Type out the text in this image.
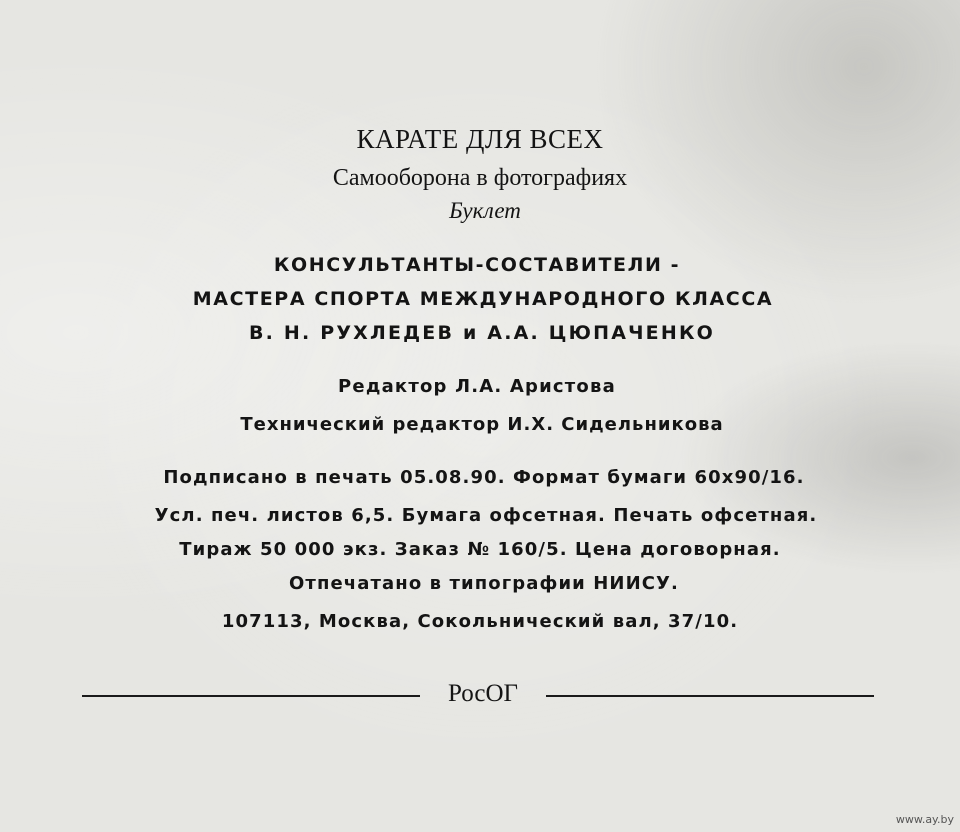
КАРАТЕ ДЛЯ ВСЕХ
Самооборона в фотографиях
Буклет
КОНСУЛЬТАНТЫ-СОСТАВИТЕЛИ -
МАСТЕРА СПОРТА МЕЖДУНАРОДНОГО КЛАССА
В. Н. РУХЛЕДЕВ и А.А. ЦЮПАЧЕНКО
Редактор Л.А. Аристова
Технический редактор И.Х. Сидельникова
Подписано в печать 05.08.90. Формат бумаги 60х90/16.
Усл. печ. листов 6,5. Бумага офсетная. Печать офсетная.
Тираж 50 000 экз. Заказ № 160/5. Цена договорная.
Отпечатано в типографии НИИСУ.
107113, Москва, Сокольнический вал, 37/10.
РосОГ
www.ay.by
